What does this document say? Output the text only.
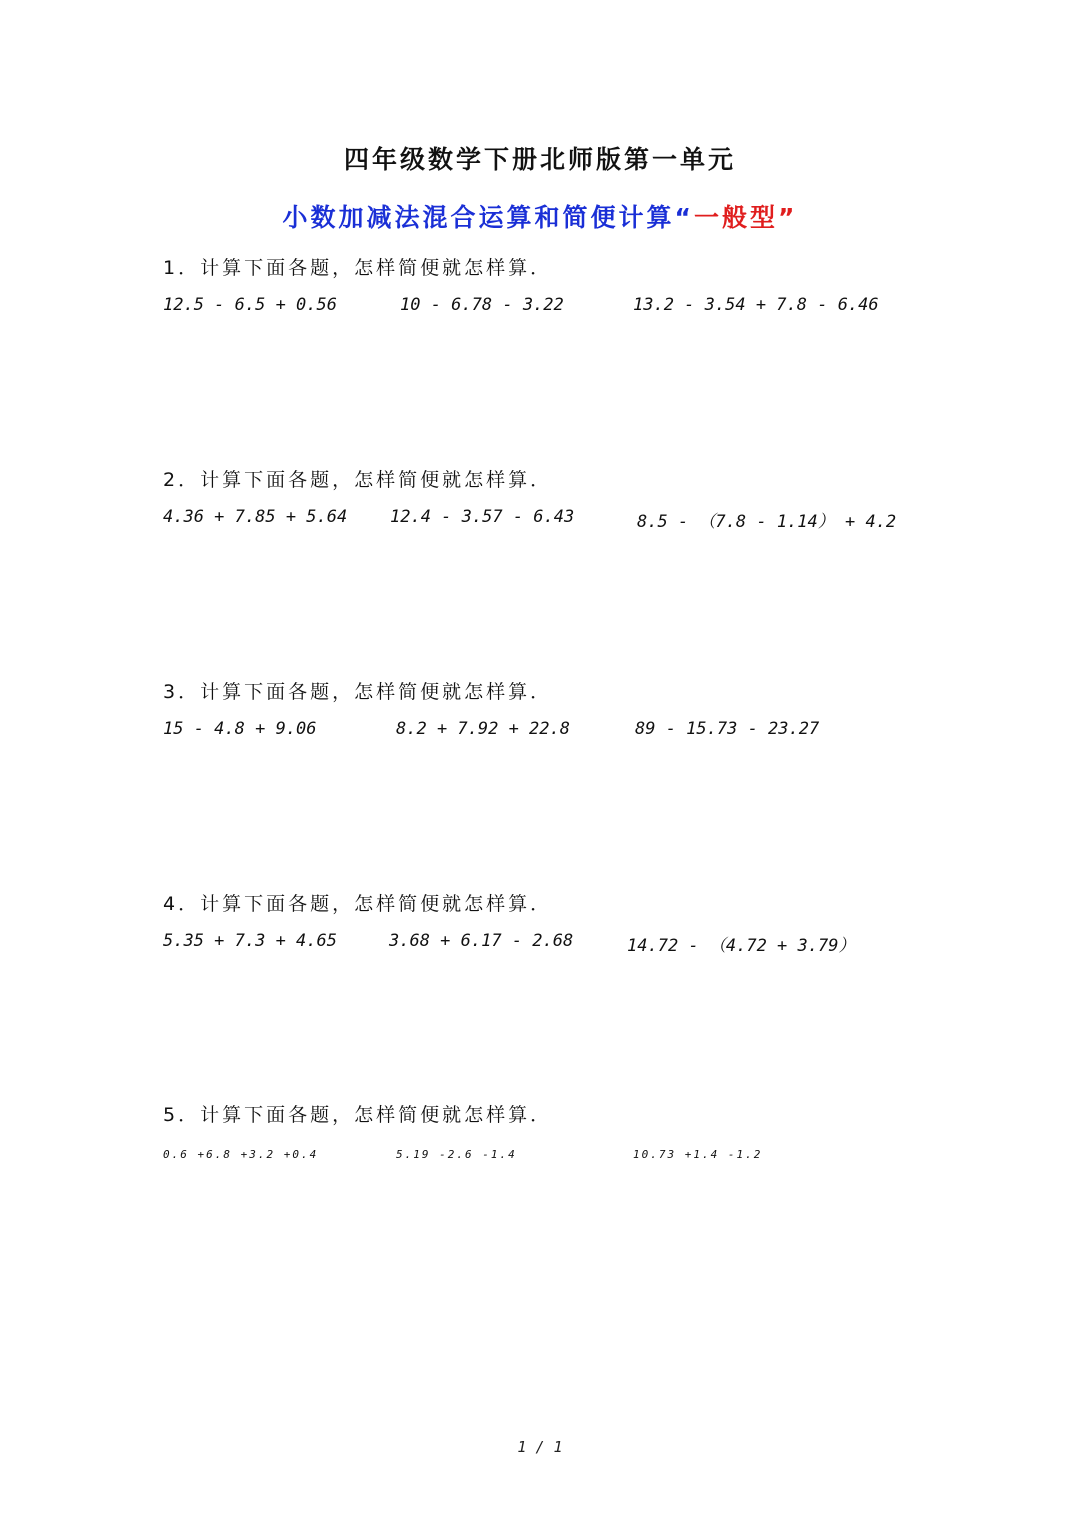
四年级数学下册北师版第一单元
小数加减法混合运算和简便计算“一般型”
1．计算下面各题，怎样简便就怎样算．
12.5 - 6.5 + 0.56	10 - 6.78 - 3.22	13.2 - 3.54 + 7.8 - 6.46
2．计算下面各题，怎样简便就怎样算．
4.36 + 7.85 + 5.64	12.4 - 3.57 - 6.43	8.5 - （7.8 - 1.14） + 4.2
3．计算下面各题，怎样简便就怎样算．
15 - 4.8 + 9.06	8.2 + 7.92 + 22.8	89 - 15.73 - 23.27
4．计算下面各题，怎样简便就怎样算．
5.35 + 7.3 + 4.65	3.68 + 6.17 - 2.68	14.72 - （4.72 + 3.79）
5．计算下面各题，怎样简便就怎样算．
0.6 +6.8 +3.2 +0.4	5.19 -2.6 -1.4	10.73 +1.4 -1.2
1 / 1
